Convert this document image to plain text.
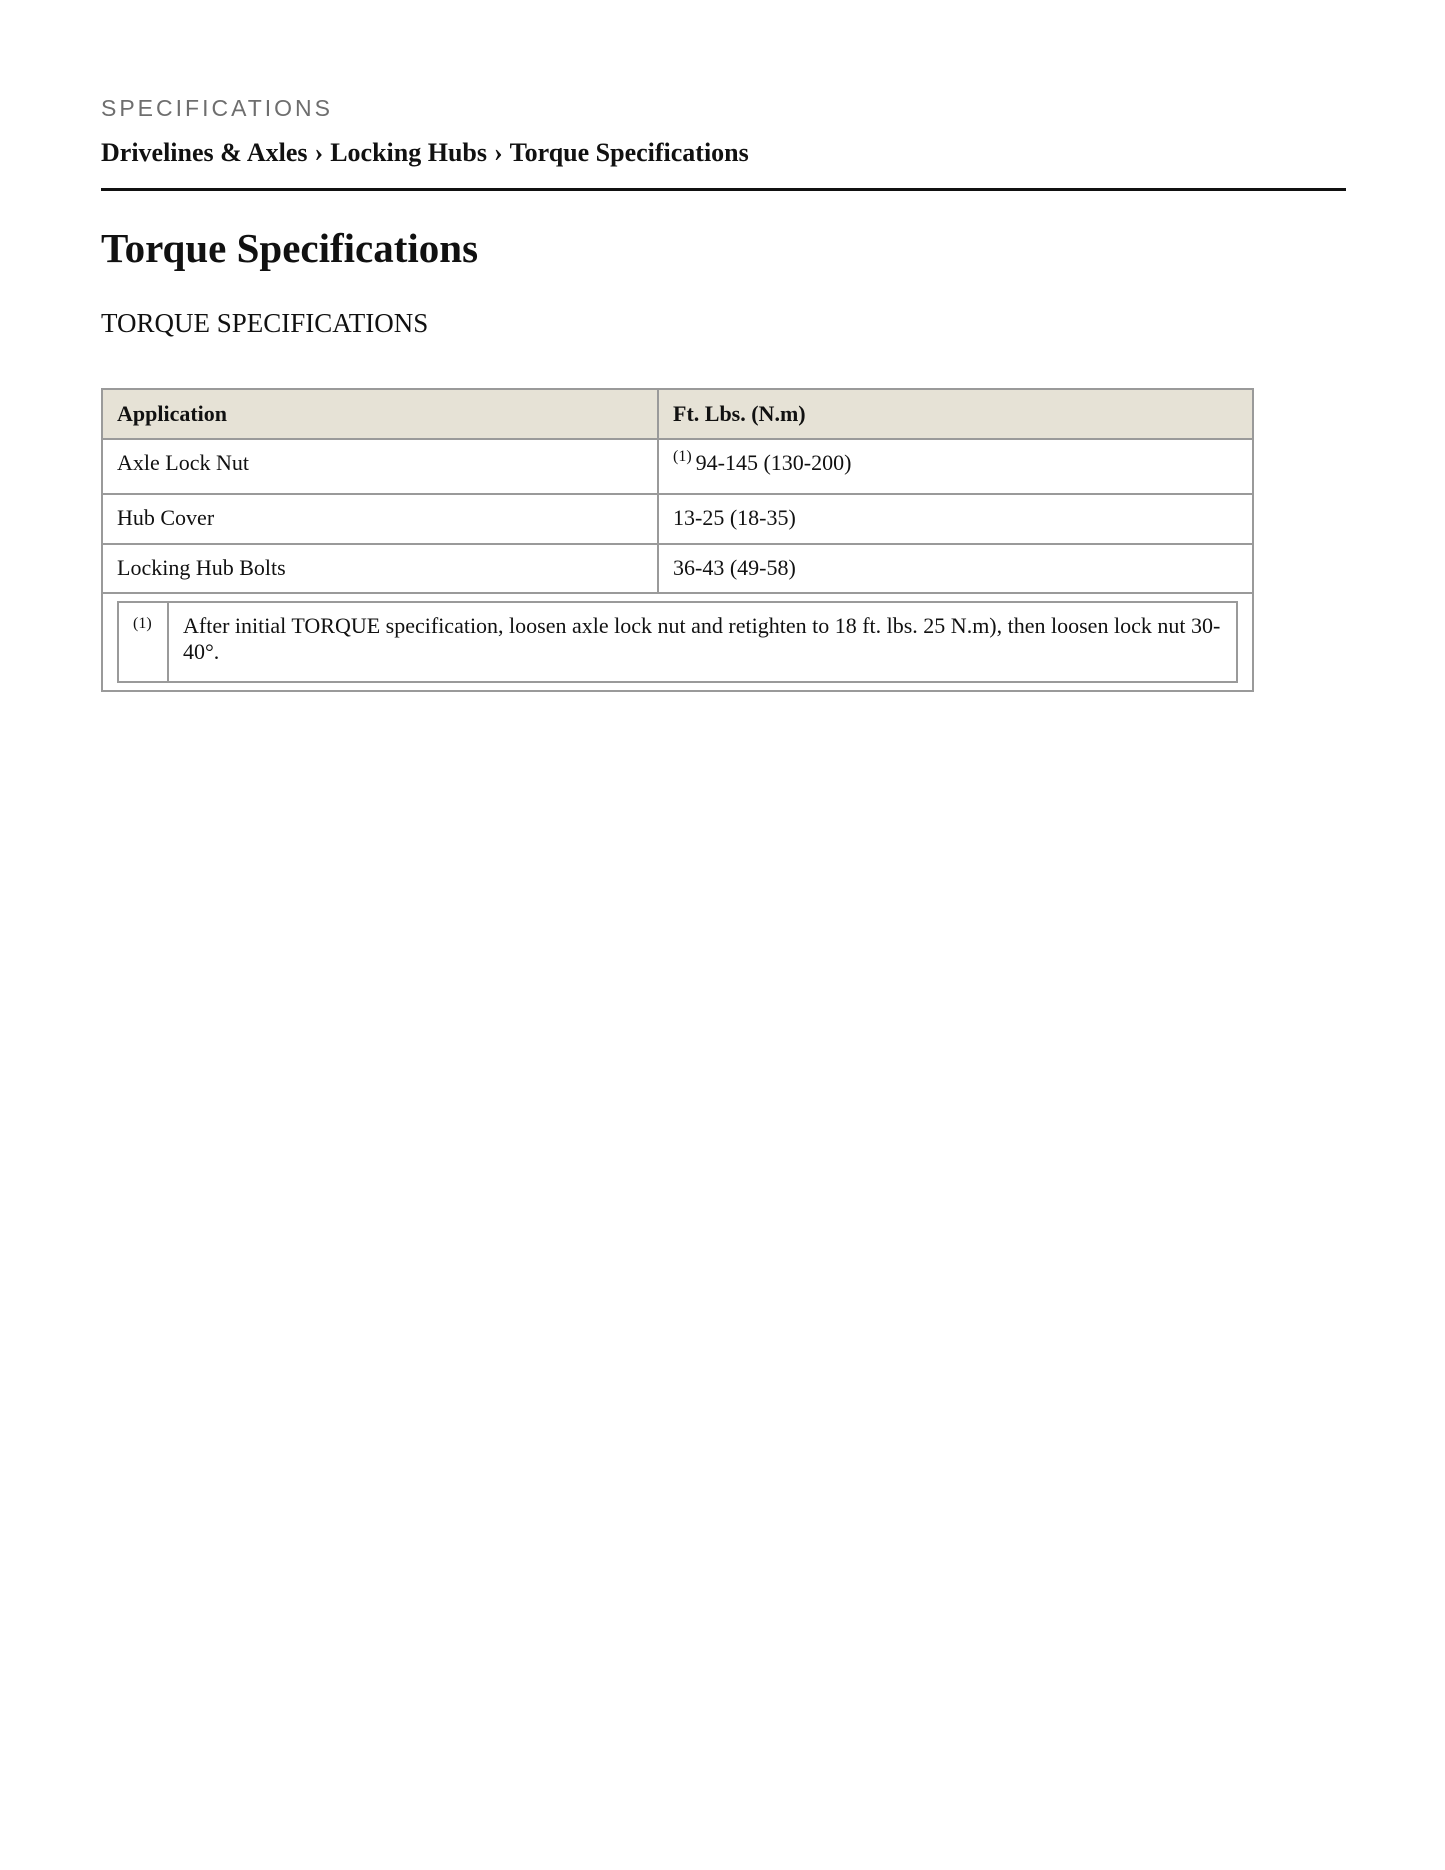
SPECIFICATIONS
Drivelines & Axles › Locking Hubs › Torque Specifications
Torque Specifications
TORQUE SPECIFICATIONS
Application	Ft. Lbs. (N.m)
Axle Lock Nut	$^{(1)}$ 94-145 (130-200)
Hub Cover	13-25 (18-35)
Locking Hub Bolts	36-43 (49-58)

(1)	After initial TORQUE specification, loosen axle lock nut and retighten to 18 ft. lbs. 25 N.m), then loosen lock nut 30-40°.
